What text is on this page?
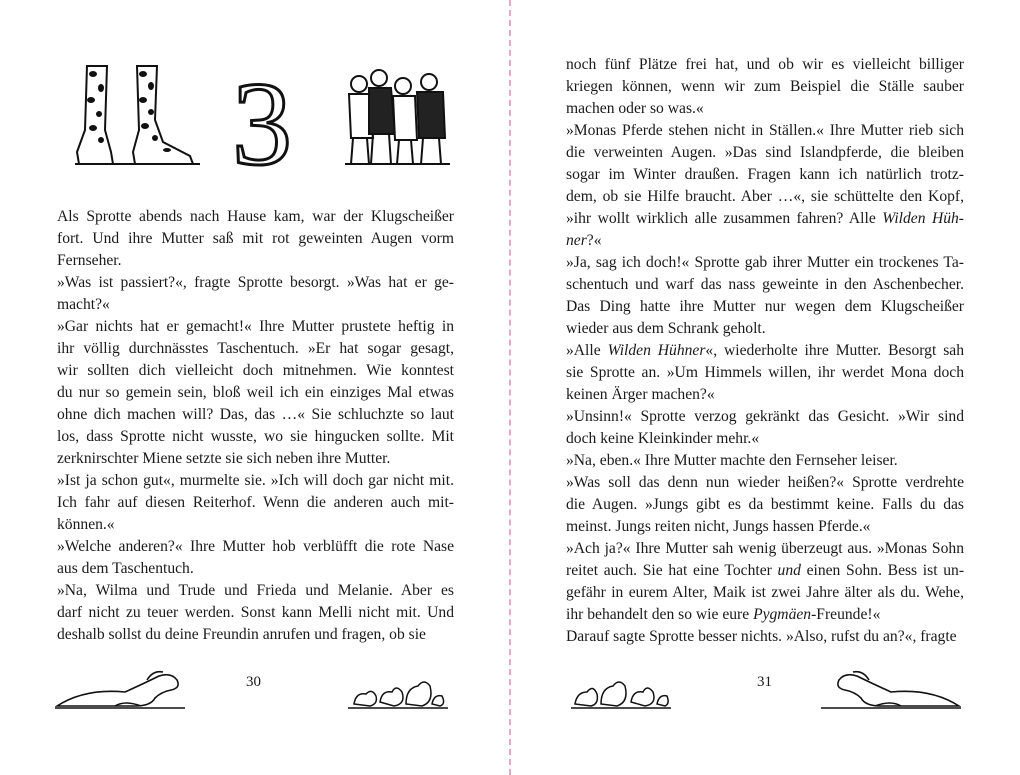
3

Als Sprotte abends nach Hause kam, war der Klugscheißer
fort. Und ihre Mutter saß mit rot geweinten Augen vorm
Fernseher.

»Was ist passiert?«, fragte Sprotte besorgt. »Was hat er ge-
macht?«

»Gar nichts hat er gemacht!« Ihre Mutter prustete heftig in
ihr völlig durchnässtes Taschentuch. »Er hat sogar gesagt,
wir sollten dich vielleicht doch mitnehmen. Wie konntest
du nur so gemein sein, bloß weil ich ein einziges Mal etwas
ohne dich machen will? Das, das …« Sie schluchzte so laut
los, dass Sprotte nicht wusste, wo sie hingucken sollte. Mit
zerknirschter Miene setzte sie sich neben ihre Mutter.

»Ist ja schon gut«, murmelte sie. »Ich will doch gar nicht mit.
Ich fahr auf diesen Reiterhof. Wenn die anderen auch mit-
können.«

»Welche anderen?« Ihre Mutter hob verblüfft die rote Nase
aus dem Taschentuch.

»Na, Wilma und Trude und Frieda und Melanie. Aber es
darf nicht zu teuer werden. Sonst kann Melli nicht mit. Und
deshalb sollst du deine Freundin anrufen und fragen, ob sie

30

noch fünf Plätze frei hat, und ob wir es vielleicht billiger
kriegen können, wenn wir zum Beispiel die Ställe sauber
machen oder so was.«

»Monas Pferde stehen nicht in Ställen.« Ihre Mutter rieb sich
die verweinten Augen. »Das sind Islandpferde, die bleiben
sogar im Winter draußen. Fragen kann ich natürlich trotz-
dem, ob sie Hilfe braucht. Aber …«, sie schüttelte den Kopf,
»ihr wollt wirklich alle zusammen fahren? Alle Wilden Hüh-
ner?«

»Ja, sag ich doch!« Sprotte gab ihrer Mutter ein trockenes Ta-
schentuch und warf das nass geweinte in den Aschenbecher.
Das Ding hatte ihre Mutter nur wegen dem Klugscheißer
wieder aus dem Schrank geholt.

»Alle Wilden Hühner«, wiederholte ihre Mutter. Besorgt sah
sie Sprotte an. »Um Himmels willen, ihr werdet Mona doch
keinen Ärger machen?«

»Unsinn!« Sprotte verzog gekränkt das Gesicht. »Wir sind
doch keine Kleinkinder mehr.«

»Na, eben.« Ihre Mutter machte den Fernseher leiser.

»Was soll das denn nun wieder heißen?« Sprotte verdrehte
die Augen. »Jungs gibt es da bestimmt keine. Falls du das
meinst. Jungs reiten nicht, Jungs hassen Pferde.«

»Ach ja?« Ihre Mutter sah wenig überzeugt aus. »Monas Sohn
reitet auch. Sie hat eine Tochter und einen Sohn. Bess ist un-
gefähr in eurem Alter, Maik ist zwei Jahre älter als du. Wehe,
ihr behandelt den so wie eure Pygmäen-Freunde!«

Darauf sagte Sprotte besser nichts. »Also, rufst du an?«, fragte

31
